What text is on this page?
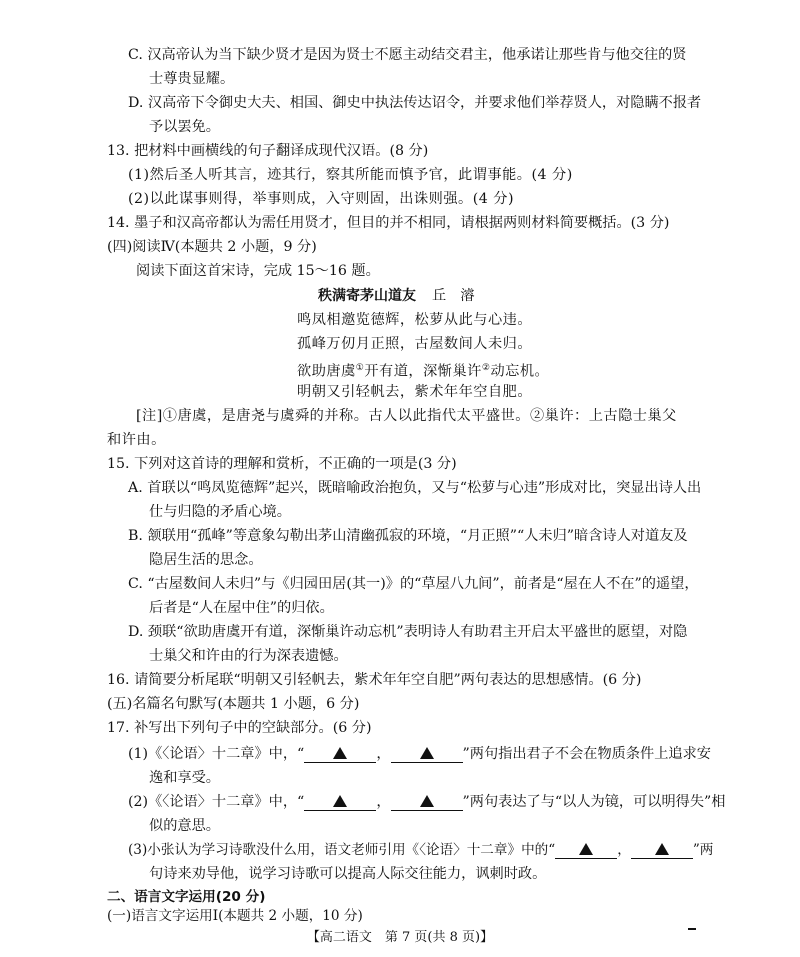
C. 汉高帝认为当下缺少贤才是因为贤士不愿主动结交君主，他承诺让那些肯与他交往的贤
士尊贵显耀。
D. 汉高帝下令御史大夫、相国、御史中执法传达诏令，并要求他们举荐贤人，对隐瞒不报者
予以罢免。
13. 把材料中画横线的句子翻译成现代汉语。(8 分)
(1)然后圣人听其言，迹其行，察其所能而慎予官，此谓事能。(4 分)
(2)以此谋事则得，举事则成，入守则固，出诛则强。(4 分)
14. 墨子和汉高帝都认为需任用贤才，但目的并不相同，请根据两则材料简要概括。(3 分)
(四)阅读Ⅳ(本题共 2 小题，9 分)
阅读下面这首宋诗，完成 15～16 题。
秩满寄茅山道友 丘　濬
鸣凤相邀览德辉，松萝从此与心违。
孤峰万仞月正照，古屋数间人未归。
欲助唐虞①开有道，深惭巢许②动忘机。
明朝又引轻帆去，紫术年年空自肥。
[注]①唐虞，是唐尧与虞舜的并称。古人以此指代太平盛世。②巢许：上古隐士巢父
和许由。
15. 下列对这首诗的理解和赏析，不正确的一项是(3 分)
A. 首联以“鸣凤览德辉”起兴，既暗喻政治抱负，又与“松萝与心违”形成对比，突显出诗人出
仕与归隐的矛盾心境。
B. 颔联用“孤峰”等意象勾勒出茅山清幽孤寂的环境，“月正照”“人未归”暗含诗人对道友及
隐居生活的思念。
C. “古屋数间人未归”与《归园田居(其一)》的“草屋八九间”，前者是“屋在人不在”的遥望，
后者是“人在屋中住”的归依。
D. 颈联“欲助唐虞开有道，深惭巢许动忘机”表明诗人有助君主开启太平盛世的愿望，对隐
士巢父和许由的行为深表遗憾。
16. 请简要分析尾联“明朝又引轻帆去，紫术年年空自肥”两句表达的思想感情。(6 分)
(五)名篇名句默写(本题共 1 小题，6 分)
17. 补写出下列句子中的空缺部分。(6 分)
(1)《〈论语〉十二章》中，“	，	”两句指出君子不会在物质条件上追求安
逸和享受。
(2)《〈论语〉十二章》中，“	，	”两句表达了与“以人为镜，可以明得失”相
似的意思。
(3)小张认为学习诗歌没什么用，语文老师引用《〈论语〉十二章》中的“	，	”两
句诗来劝导他，说学习诗歌可以提高人际交往能力，讽刺时政。
二、语言文字运用(20 分)
(一)语言文字运用Ⅰ(本题共 2 小题，10 分)
【高二语文　第 7 页(共 8 页)】
